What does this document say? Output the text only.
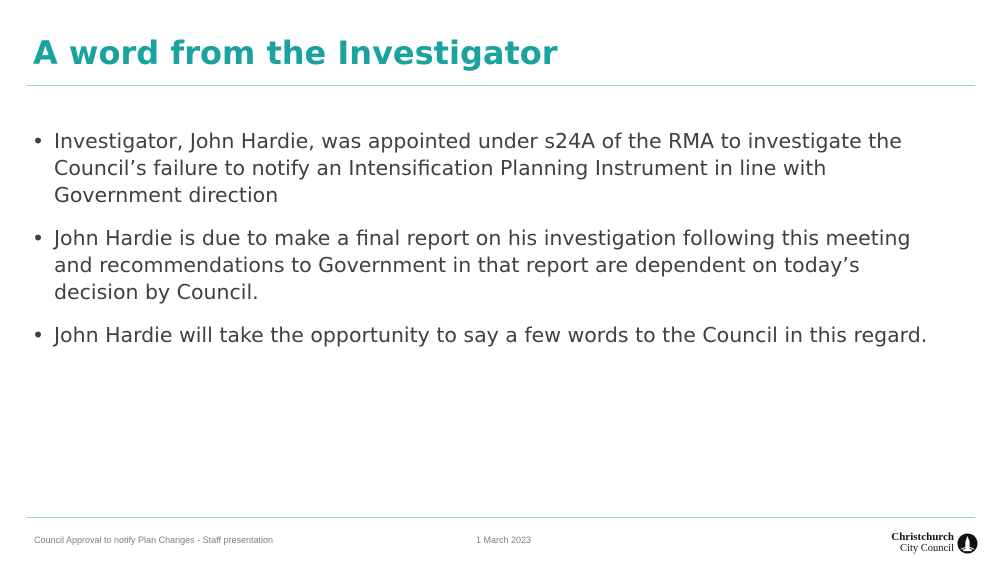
A word from the Investigator
• Investigator, John Hardie, was appointed under s24A of the RMA to investigate the Council’s failure to notify an Intensification Planning Instrument in line with Government direction
• John Hardie is due to make a final report on his investigation following this meeting and recommendations to Government in that report are dependent on today’s decision by Council.
• John Hardie will take the opportunity to say a few words to the Council in this regard.
Council Approval to notify Plan Changes - Staff presentation	1 March 2023	Christchurch
City Council
